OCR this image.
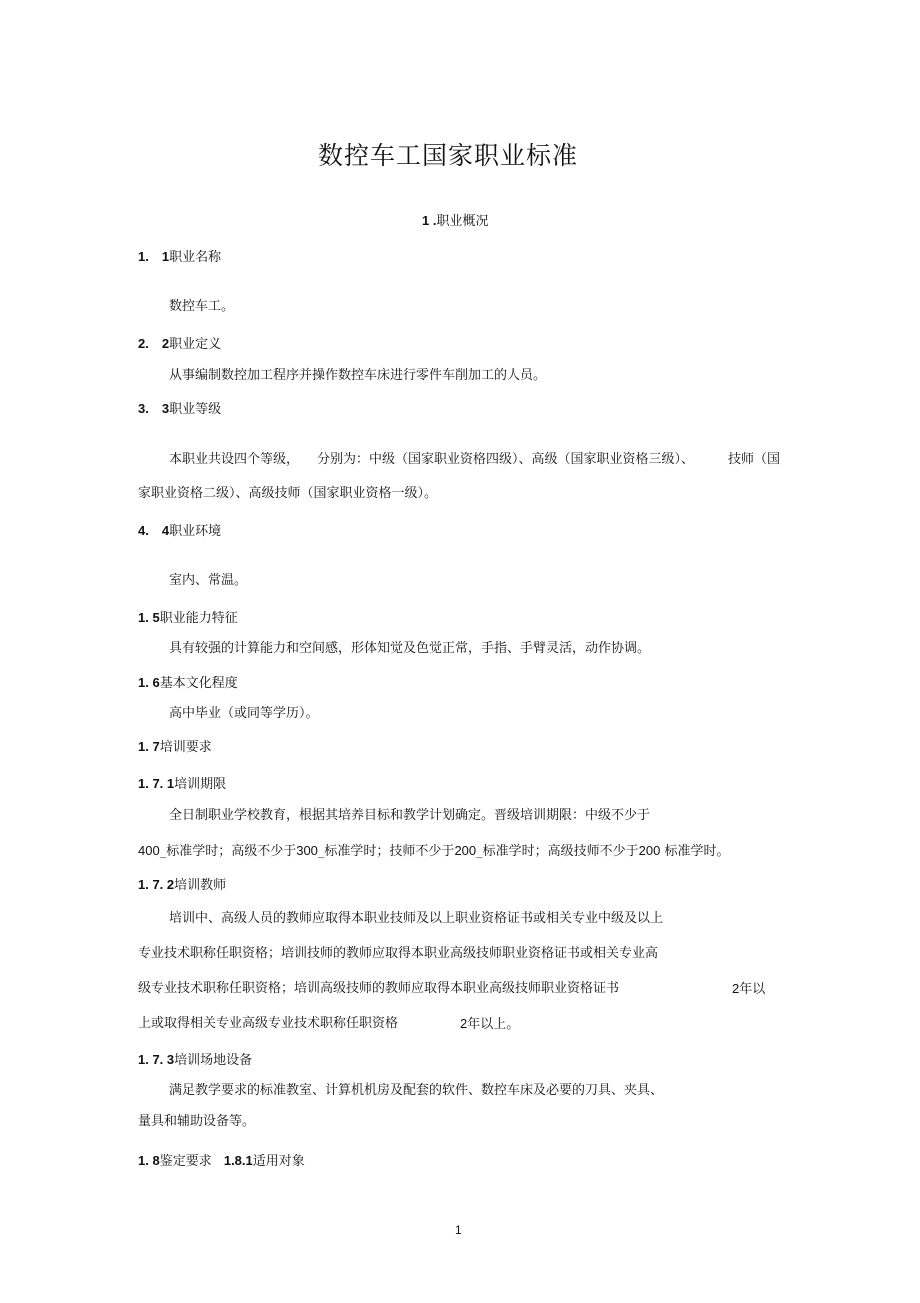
数控车工国家职业标准
1 .职业概况
1.　1职业名称
数控车工。
2.　2职业定义
从事编制数控加工程序并操作数控车床进行零件车削加工的人员。
3.　3职业等级
本职业共设四个等级， 分别为：中级（国家职业资格四级）、高级（国家职业资格三级）、	技师（国
家职业资格二级）、高级技师（国家职业资格一级）。
4.　4职业环境
室内、常温。
1. 5职业能力特征
具有较强的计算能力和空间感，形体知觉及色觉正常，手指、手臂灵活，动作协调。
1. 6基本文化程度
高中毕业（或同等学历）。
1. 7培训要求
1. 7. 1培训期限
全日制职业学校教育，根据其培养目标和教学计划确定。晋级培训期限：中级不少于
400_标准学时；高级不少于300_标准学时；技师不少于200_标准学时；高级技师不少于200 标准学时。
1. 7. 2培训教师
培训中、高级人员的教师应取得本职业技师及以上职业资格证书或相关专业中级及以上
专业技术职称任职资格；培训技师的教师应取得本职业高级技师职业资格证书或相关专业高
级专业技术职称任职资格；培训高级技师的教师应取得本职业高级技师职业资格证书	2年以
上或取得相关专业高级专业技术职称任职资格	2年以上。
1. 7. 3培训场地设备
满足教学要求的标准教室、计算机机房及配套的软件、数控车床及必要的刀具、夹具、
量具和辅助设备等。
1. 8鉴定要求 1.8.1适用对象
1
